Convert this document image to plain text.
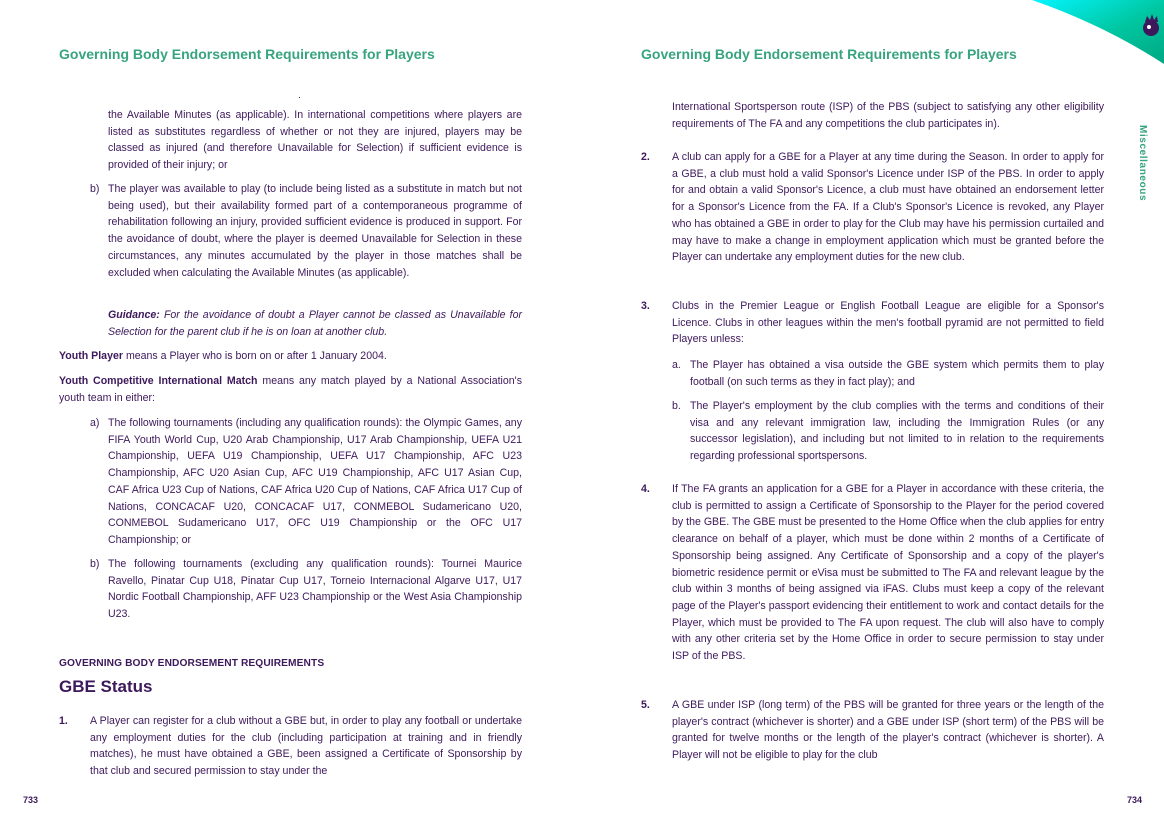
Governing Body Endorsement Requirements for Players
the Available Minutes (as applicable). In international competitions where players are listed as substitutes regardless of whether or not they are injured, players may be classed as injured (and therefore Unavailable for Selection) if sufficient evidence is provided of their injury; or
b) The player was available to play (to include being listed as a substitute in match but not being used), but their availability formed part of a contemporaneous programme of rehabilitation following an injury, provided sufficient evidence is produced in support. For the avoidance of doubt, where the player is deemed Unavailable for Selection in these circumstances, any minutes accumulated by the player in those matches shall be excluded when calculating the Available Minutes (as applicable).
Guidance: For the avoidance of doubt a Player cannot be classed as Unavailable for Selection for the parent club if he is on loan at another club.
Youth Player means a Player who is born on or after 1 January 2004.
Youth Competitive International Match means any match played by a National Association's youth team in either:
a) The following tournaments (including any qualification rounds): the Olympic Games, any FIFA Youth World Cup, U20 Arab Championship, U17 Arab Championship, UEFA U21 Championship, UEFA U19 Championship, UEFA U17 Championship, AFC U23 Championship, AFC U20 Asian Cup, AFC U19 Championship, AFC U17 Asian Cup, CAF Africa U23 Cup of Nations, CAF Africa U20 Cup of Nations, CAF Africa U17 Cup of Nations, CONCACAF U20, CONCACAF U17, CONMEBOL Sudamericano U20, CONMEBOL Sudamericano U17, OFC U19 Championship or the OFC U17 Championship; or
b) The following tournaments (excluding any qualification rounds): Tournei Maurice Ravello, Pinatar Cup U18, Pinatar Cup U17, Torneio Internacional Algarve U17, U17 Nordic Football Championship, AFF U23 Championship or the West Asia Championship U23.
GOVERNING BODY ENDORSEMENT REQUIREMENTS
GBE Status
1.	A Player can register for a club without a GBE but, in order to play any football or undertake any employment duties for the club (including participation at training and in friendly matches), he must have obtained a GBE, been assigned a Certificate of Sponsorship by that club and secured permission to stay under the
733
Miscellaneous
Governing Body Endorsement Requirements for Players
International Sportsperson route (ISP) of the PBS (subject to satisfying any other eligibility requirements of The FA and any competitions the club participates in).
2.	A club can apply for a GBE for a Player at any time during the Season. In order to apply for a GBE, a club must hold a valid Sponsor's Licence under ISP of the PBS. In order to apply for and obtain a valid Sponsor's Licence, a club must have obtained an endorsement letter for a Sponsor's Licence from the FA. If a Club's Sponsor's Licence is revoked, any Player who has obtained a GBE in order to play for the Club may have his permission curtailed and may have to make a change in employment application which must be granted before the Player can undertake any employment duties for the new club.
3.	Clubs in the Premier League or English Football League are eligible for a Sponsor's Licence. Clubs in other leagues within the men's football pyramid are not permitted to field Players unless:
a. The Player has obtained a visa outside the GBE system which permits them to play football (on such terms as they in fact play); and
b. The Player's employment by the club complies with the terms and conditions of their visa and any relevant immigration law, including the Immigration Rules (or any successor legislation), and including but not limited to in relation to the requirements regarding professional sportspersons.
4.	If The FA grants an application for a GBE for a Player in accordance with these criteria, the club is permitted to assign a Certificate of Sponsorship to the Player for the period covered by the GBE. The GBE must be presented to the Home Office when the club applies for entry clearance on behalf of a player, which must be done within 2 months of a Certificate of Sponsorship being assigned. Any Certificate of Sponsorship and a copy of the player's biometric residence permit or eVisa must be submitted to The FA and relevant league by the club within 3 months of being assigned via iFAS. Clubs must keep a copy of the relevant page of the Player's passport evidencing their entitlement to work and contact details for the Player, which must be provided to The FA upon request. The club will also have to comply with any other criteria set by the Home Office in order to secure permission to stay under ISP of the PBS.
5.	A GBE under ISP (long term) of the PBS will be granted for three years or the length of the player's contract (whichever is shorter) and a GBE under ISP (short term) of the PBS will be granted for twelve months or the length of the player's contract (whichever is shorter). A Player will not be eligible to play for the club
734
